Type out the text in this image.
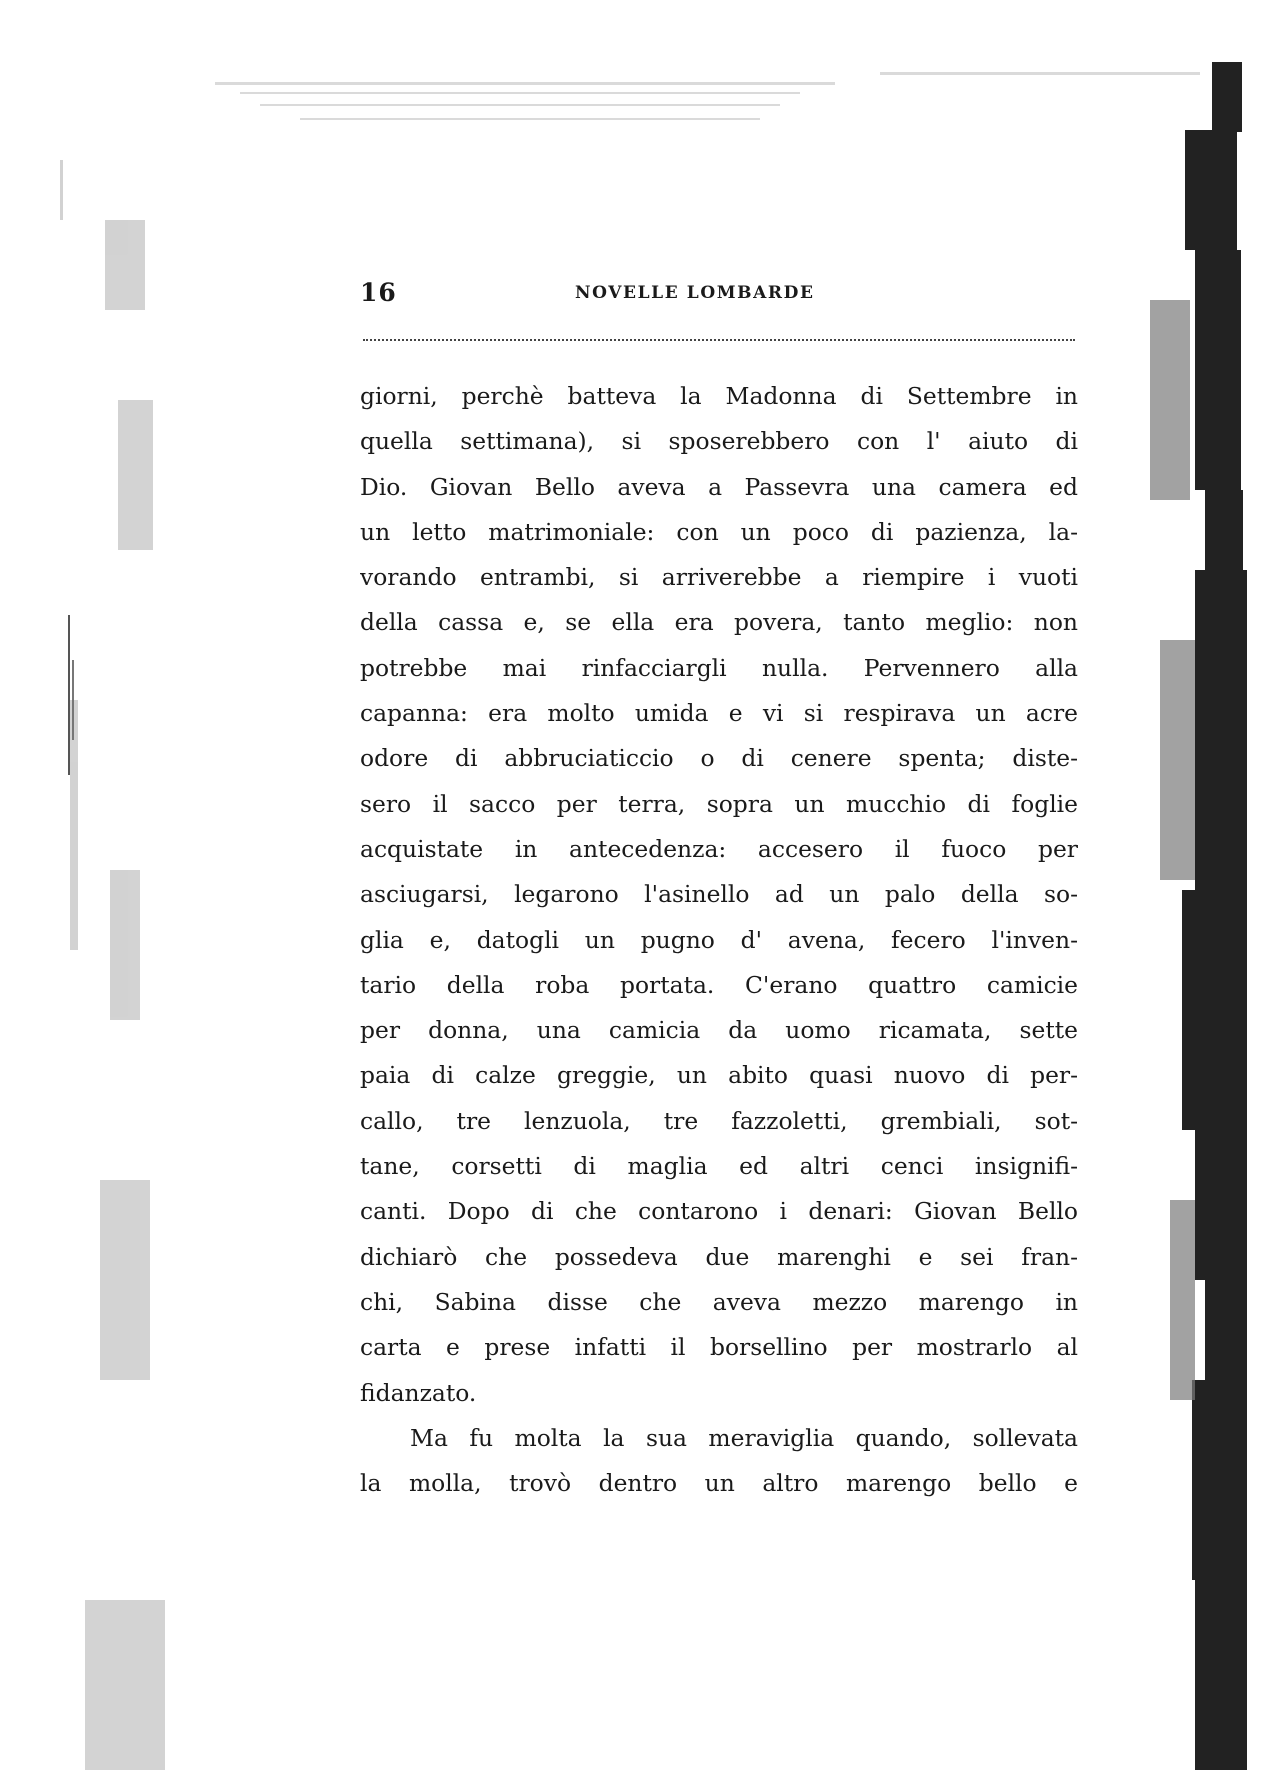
16	NOVELLE LOMBARDE
giorni, perchè batteva la Madonna di Settembre in
quella settimana), si sposerebbero con l' aiuto di
Dio. Giovan Bello aveva a Passevra una camera ed
un letto matrimoniale: con un poco di pazienza, la-
vorando entrambi, si arriverebbe a riempire i vuoti
della cassa e, se ella era povera, tanto meglio: non
potrebbe mai rinfacciargli nulla. Pervennero alla
capanna: era molto umida e vi si respirava un acre
odore di abbruciaticcio o di cenere spenta; diste-
sero il sacco per terra, sopra un mucchio di foglie
acquistate in antecedenza: accesero il fuoco per
asciugarsi, legarono l'asinello ad un palo della so-
glia e, datogli un pugno d' avena, fecero l'inven-
tario della roba portata. C'erano quattro camicie
per donna, una camicia da uomo ricamata, sette
paia di calze greggie, un abito quasi nuovo di per-
callo, tre lenzuola, tre fazzoletti, grembiali, sot-
tane, corsetti di maglia ed altri cenci insignifi-
canti. Dopo di che contarono i denari: Giovan Bello
dichiarò che possedeva due marenghi e sei fran-
chi, Sabina disse che aveva mezzo marengo in
carta e prese infatti il borsellino per mostrarlo al
fidanzato.
Ma fu molta la sua meraviglia quando, sollevata
la molla, trovò dentro un altro marengo bello e
